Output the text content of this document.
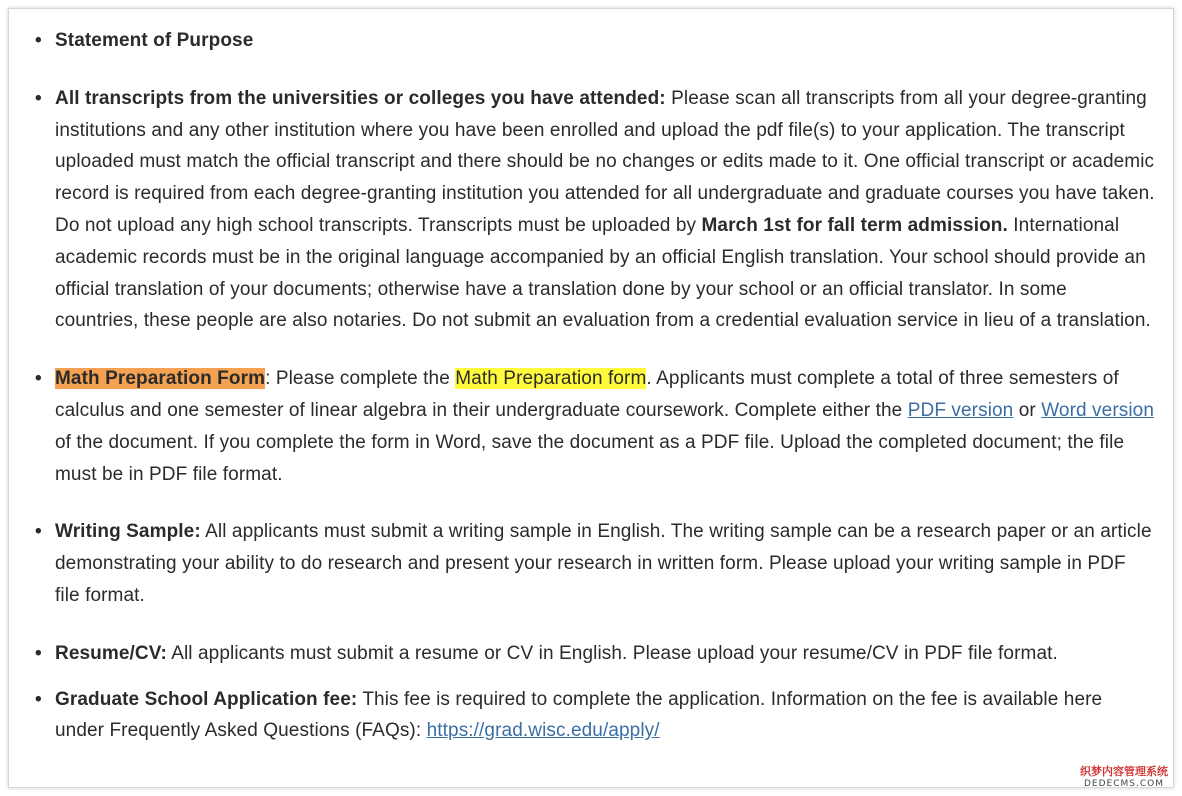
• Statement of Purpose
• All transcripts from the universities or colleges you have attended: Please scan all transcripts from all your degree-granting institutions and any other institution where you have been enrolled and upload the pdf file(s) to your application. The transcript uploaded must match the official transcript and there should be no changes or edits made to it. One official transcript or academic record is required from each degree-granting institution you attended for all undergraduate and graduate courses you have taken. Do not upload any high school transcripts. Transcripts must be uploaded by March 1st for fall term admission. International academic records must be in the original language accompanied by an official English translation. Your school should provide an official translation of your documents; otherwise have a translation done by your school or an official translator. In some countries, these people are also notaries. Do not submit an evaluation from a credential evaluation service in lieu of a translation.
• Math Preparation Form: Please complete the Math Preparation form. Applicants must complete a total of three semesters of calculus and one semester of linear algebra in their undergraduate coursework. Complete either the PDF version or Word version of the document. If you complete the form in Word, save the document as a PDF file. Upload the completed document; the file must be in PDF file format.
• Writing Sample: All applicants must submit a writing sample in English. The writing sample can be a research paper or an article demonstrating your ability to do research and present your research in written form. Please upload your writing sample in PDF file format.
• Resume/CV: All applicants must submit a resume or CV in English. Please upload your resume/CV in PDF file format.
• Graduate School Application fee: This fee is required to complete the application. Information on the fee is available here under Frequently Asked Questions (FAQs): https://grad.wisc.edu/apply/
织梦内容管理系统
DEDECMS.COM
